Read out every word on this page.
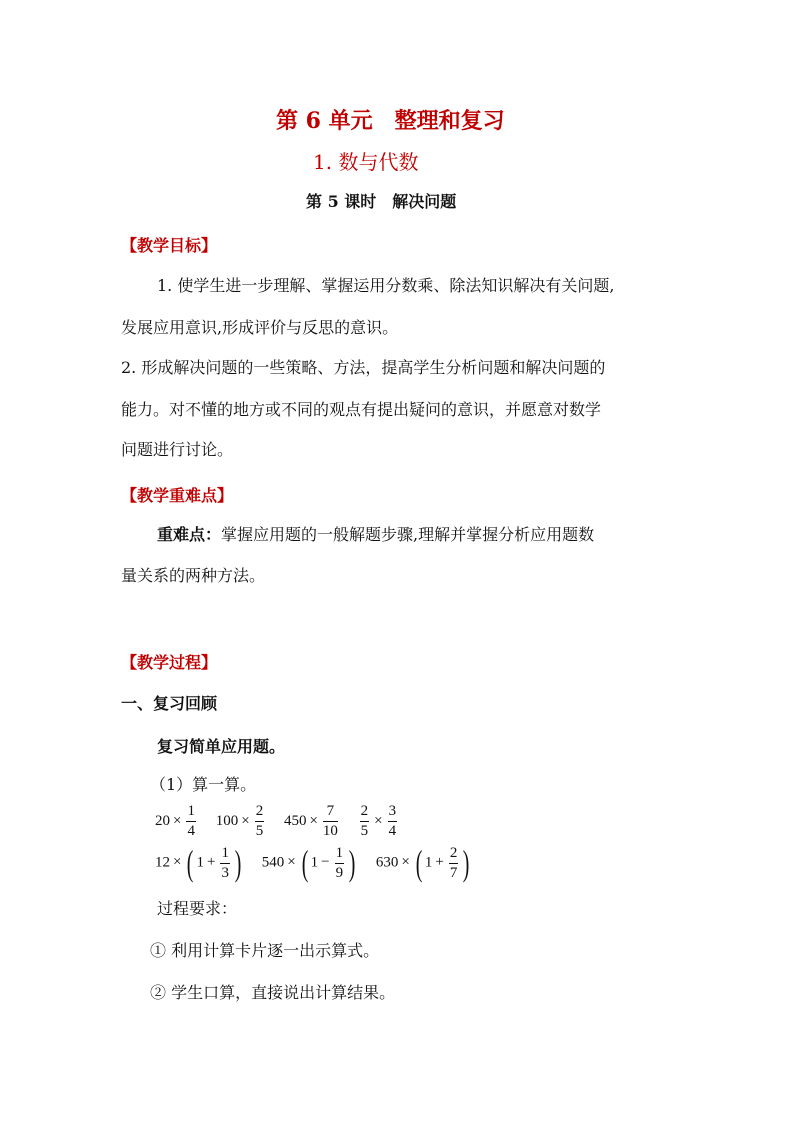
第 6 单元　整理和复习
1. 数与代数
第 5 课时　解决问题
【教学目标】
1. 使学生进一步理解、掌握运用分数乘、除法知识解决有关问题,
发展应用意识,形成评价与反思的意识。
2. 形成解决问题的一些策略、方法，提高学生分析问题和解决问题的
能力。对不懂的地方或不同的观点有提出疑问的意识，并愿意对数学
问题进行讨论。
【教学重难点】
重难点：掌握应用题的一般解题步骤,理解并掌握分析应用题数
量关系的两种方法。
【教学过程】
一、复习回顾
复习简单应用题。
（1）算一算。
$20 \times \frac{1}{4} 100 \times \frac{2}{5} 450 \times \frac{7}{10}$
$\frac{2}{5} \times \frac{3}{4}$
12 × ( $1 + \frac{1}{3}$ ) 540 × ( $1 - \frac{1}{9}$ ) 630 × ( $1 + \frac{2}{7}$ )
过程要求：
① 利用计算卡片逐一出示算式。
② 学生口算，直接说出计算结果。
